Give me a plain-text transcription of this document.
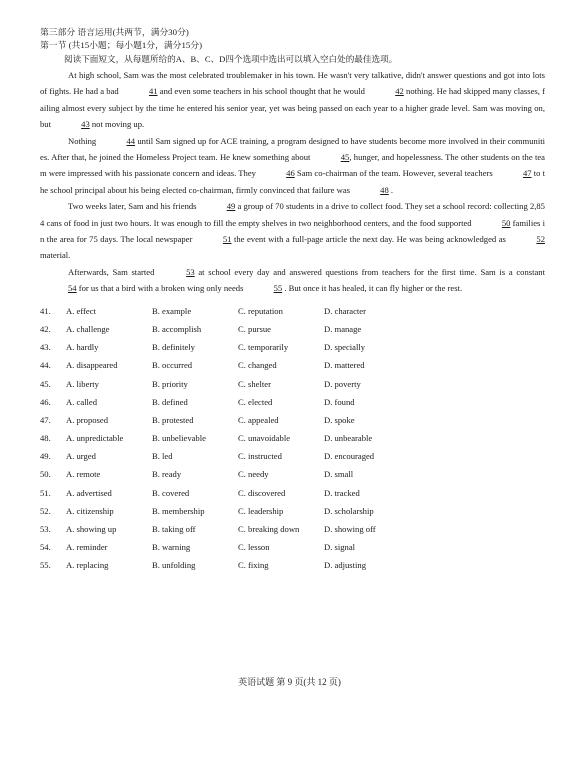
第三部分 语言运用(共两节，满分30分)
第一节 (共15小题；每小题1分，满分15分)
阅读下面短文，从每题所给的A、B、C、D四个选项中选出可以填入空白处的最佳选项。

At high school, Sam was the most celebrated troublemaker in his town. He wasn't very talkative, didn't answer questions and got into lots of fights. He had a bad	41 and even some teachers in his school thought that he would	42 nothing. He had skipped many classes, failing almost every subject by the time he entered his senior year, yet was being passed on each year to a higher grade level. Sam was moving on, but	43 not moving up.

Nothing	44 until Sam signed up for ACE training, a program designed to have students become more involved in their communities. After that, he joined the Homeless Project team. He knew something about	45, hunger, and hopelessness. The other students on the team were impressed with his passionate concern and ideas. They	46 Sam co-chairman of the team. However, several teachers	47 to the school principal about his being elected co-chairman, firmly convinced that failure was	48 .

Two weeks later, Sam and his friends	49 a group of 70 students in a drive to collect food. They set a school record: collecting 2,854 cans of food in just two hours. It was enough to fill the empty shelves in two neighborhood centers, and the food supported	50 families in the area for 75 days. The local newspaper	51 the event with a full-page article the next day. He was being acknowledged as	52 material.

Afterwards, Sam started	53 at school every day and answered questions from teachers for the first time. Sam is a constant 54 for us that a bird with a broken wing only needs	55 . But once it has healed, it can fly higher or the rest.

41.	A. effect	B. example	C. reputation	D. character
42.	A. challenge	B. accomplish	C. pursue	D. manage
43.	A. hardly	B. definitely	C. temporarily	D. specially
44.	A. disappeared	B. occurred	C. changed	D. mattered
45.	A. liberty	B. priority	C. shelter	D. poverty
46.	A. called	B. defined	C. elected	D. found
47.	A. proposed	B. protested	C. appealed	D. spoke
48.	A. unpredictable	B. unbelievable	C. unavoidable	D. unbearable
49.	A. urged	B. led	C. instructed	D. encouraged
50.	A. remote	B. ready	C. needy	D. small
51.	A. advertised	B. covered	C. discovered	D. tracked
52.	A. citizenship	B. membership	C. leadership	D. scholarship
53.	A. showing up	B. taking off	C. breaking down	D. showing off
54.	A. reminder	B. warning	C. lesson	D. signal
55.	A. replacing	B. unfolding	C. fixing	D. adjusting
英语试题 第 9 页(共 12 页)
